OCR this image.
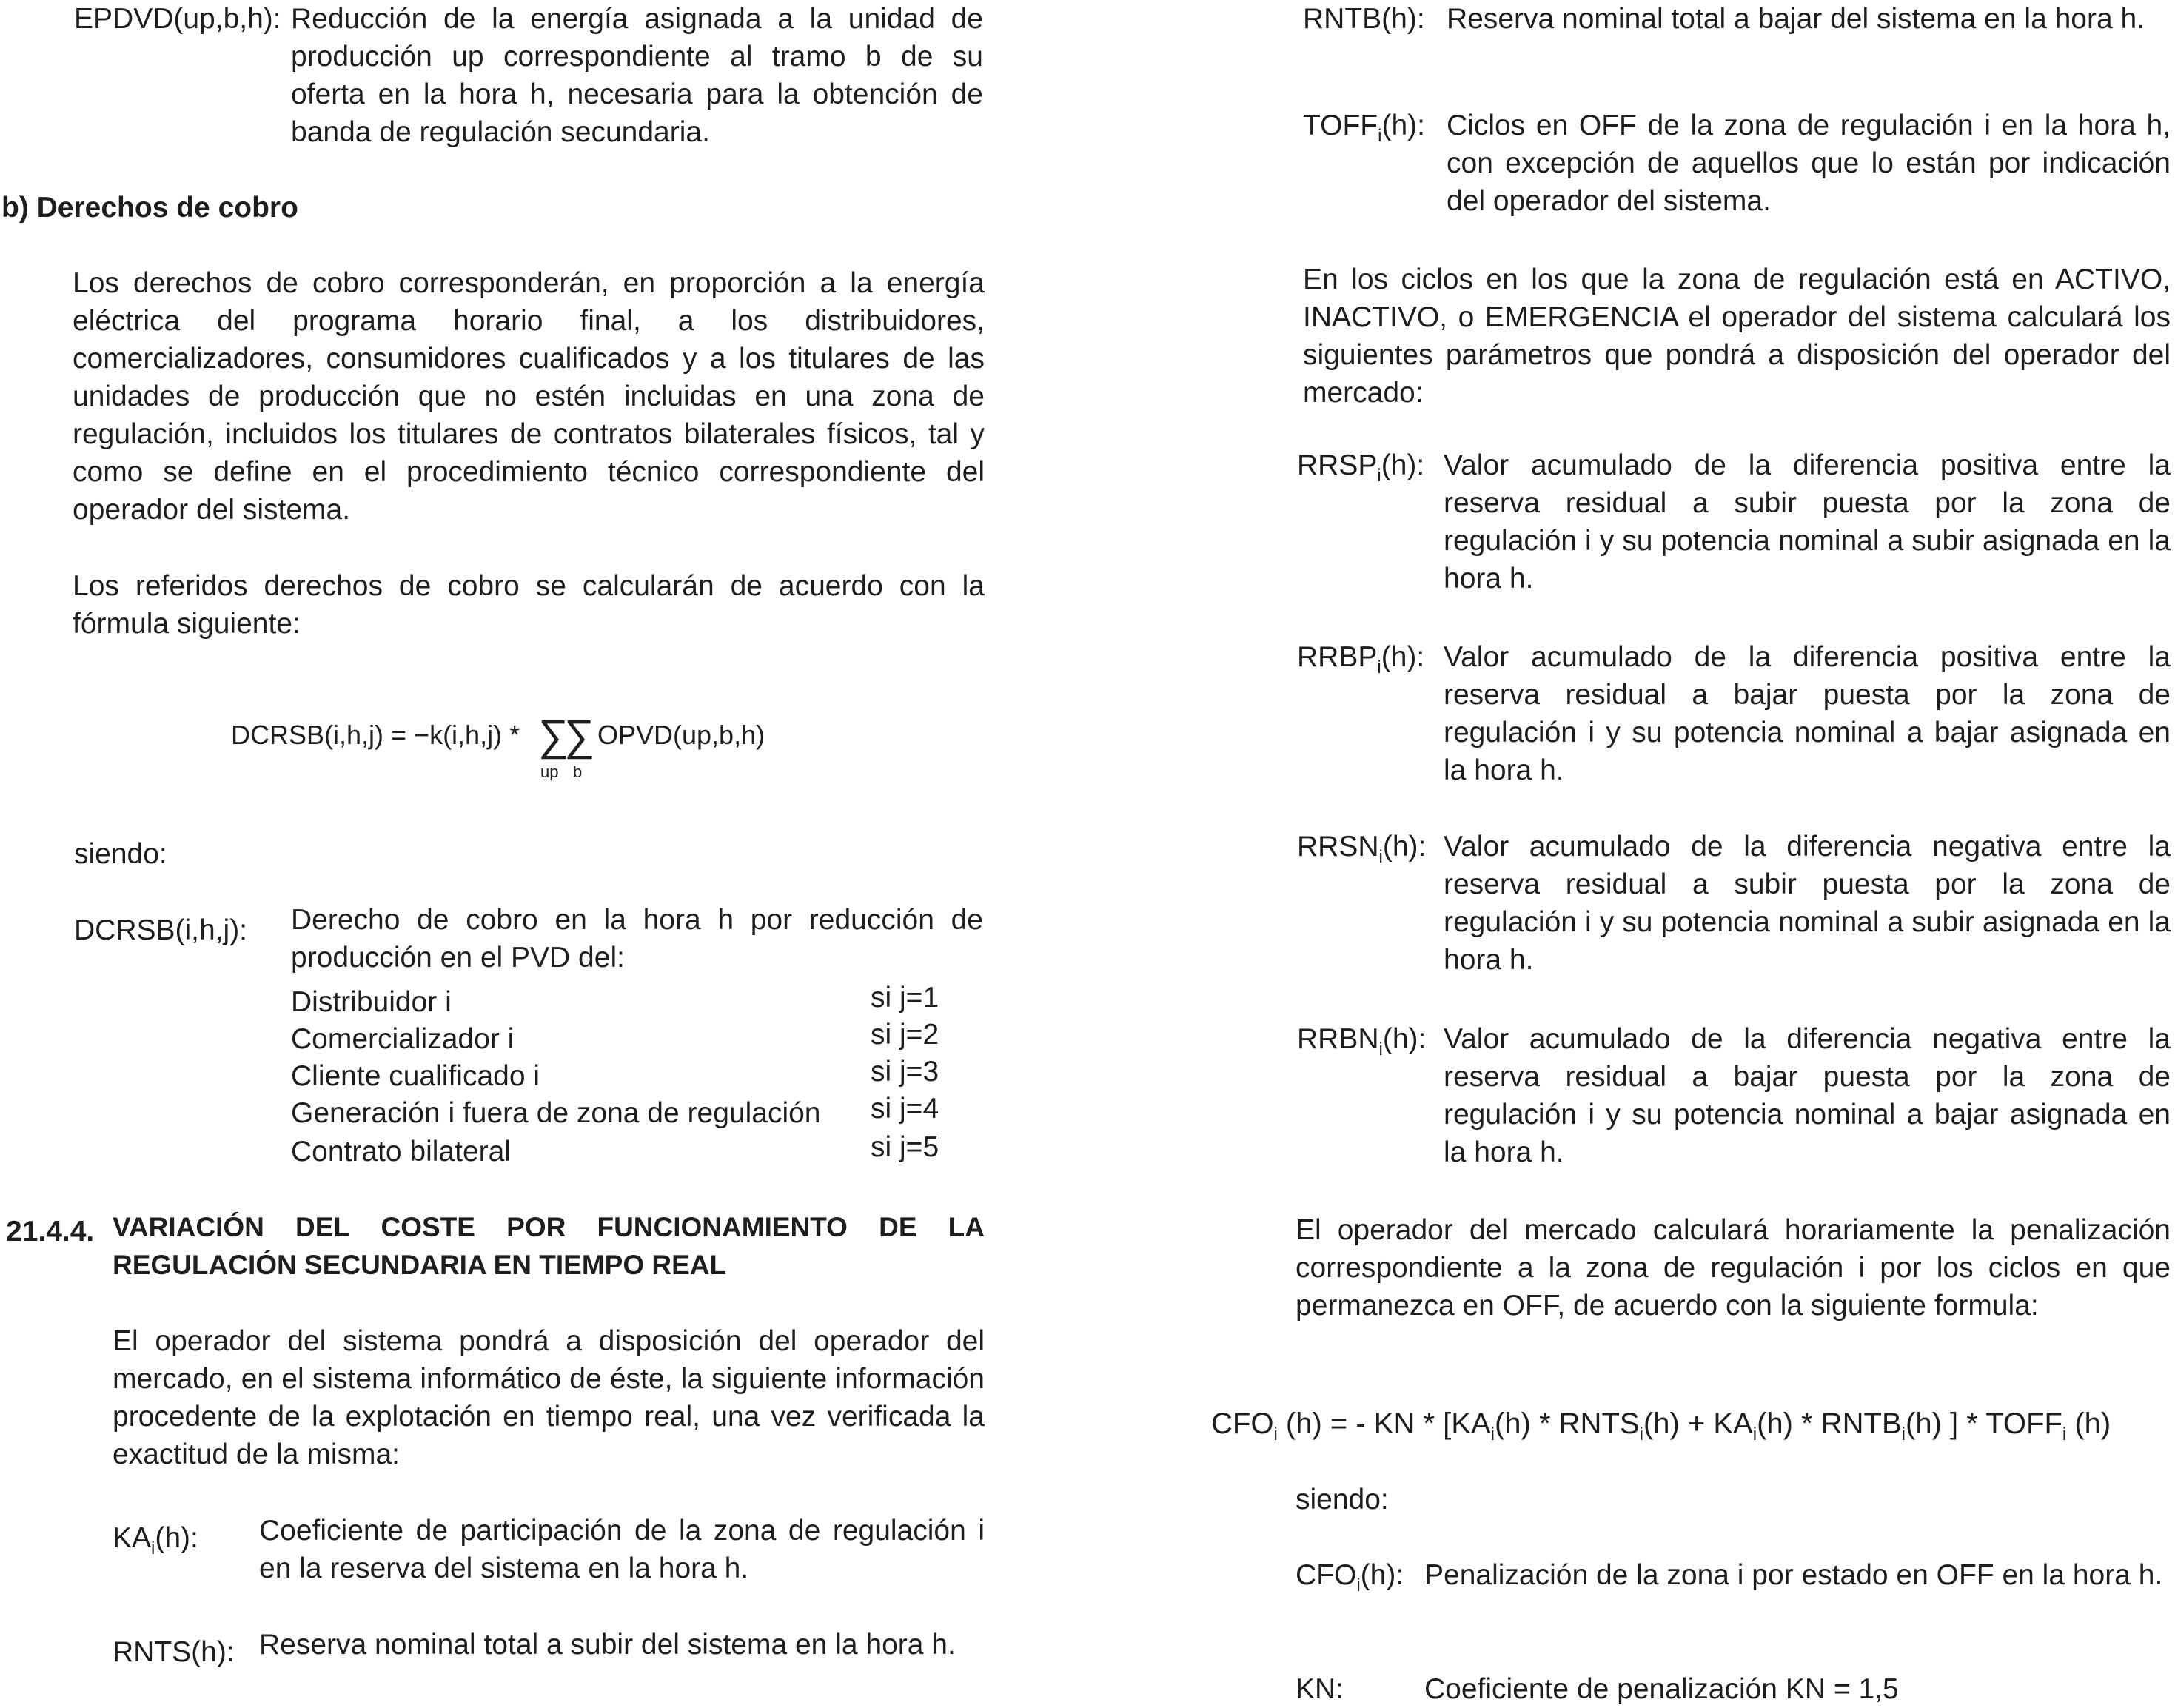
EPDVD(up,b,h): Reducción de la energía asignada a la unidad de producción up correspondiente al tramo b de su oferta en la hora h, necesaria para la obtención de banda de regulación secundaria.
b) Derechos de cobro
Los derechos de cobro corresponderán, en proporción a la energía eléctrica del programa horario final, a los distribuidores, comercializadores, consumidores cualificados y a los titulares de las unidades de producción que no estén incluidas en una zona de regulación, incluidos los titulares de contratos bilaterales físicos, tal y como se define en el procedimiento técnico correspondiente del operador del sistema.
Los referidos derechos de cobro se calcularán de acuerdo con la fórmula siguiente:
DCRSB(i,h,j) = −k(i,h,j) * ∑
∑ OPVD(up,b,h)
up b
siendo:
DCRSB(i,h,j): Derecho de cobro en la hora h por reducción de producción en el PVD del:
Distribuidor i	si j=1
Comercializador i	si j=2
Cliente cualificado i	si j=3
Generación i fuera de zona de regulación si j=4
Contrato bilateral	si j=5
21.4.4. VARIACIÓN DEL COSTE POR FUNCIONAMIENTO DE LA REGULACIÓN SECUNDARIA EN TIEMPO REAL
El operador del sistema pondrá a disposición del operador del mercado, en el sistema informático de éste, la siguiente información procedente de la explotación en tiempo real, una vez verificada la exactitud de la misma:
$KA_i(h)$: Coeficiente de participación de la zona de regulación i en la reserva del sistema en la hora h.
RNTS(h): Reserva nominal total a subir del sistema en la hora h.
RNTB(h): Reserva nominal total a bajar del sistema en la hora h.
$TOFF_i(h)$: Ciclos en OFF de la zona de regulación i en la hora h, con excepción de aquellos que lo están por indicación del operador del sistema.
En los ciclos en los que la zona de regulación está en ACTIVO, INACTIVO, o EMERGENCIA el operador del sistema calculará los siguientes parámetros que pondrá a disposición del operador del mercado:
$RRSP_i(h)$: Valor acumulado de la diferencia positiva entre la reserva residual a subir puesta por la zona de regulación i y su potencia nominal a subir asignada en la hora h.
$RRBP_i(h)$: Valor acumulado de la diferencia positiva entre la reserva residual a bajar puesta por la zona de regulación i y su potencia nominal a bajar asignada en la hora h.
$RRSN_i(h)$: Valor acumulado de la diferencia negativa entre la reserva residual a subir puesta por la zona de regulación i y su potencia nominal a subir asignada en la hora h.
$RRBN_i(h)$: Valor acumulado de la diferencia negativa entre la reserva residual a bajar puesta por la zona de regulación i y su potencia nominal a bajar asignada en la hora h.
El operador del mercado calculará horariamente la penalización correspondiente a la zona de regulación i por los ciclos en que permanezca en OFF, de acuerdo con la siguiente formula:
$CFO_i$ (h) = - KN * [$KA_i(h)$ * $RNTS_i(h) + KA_i(h)$ * $RNTB_i(h)$ ] * $TOFF_i$ (h)
siendo:
$CFO_i(h)$: Penalización de la zona i por estado en OFF en la hora h.
KN:	Coeficiente de penalización KN = 1,5
